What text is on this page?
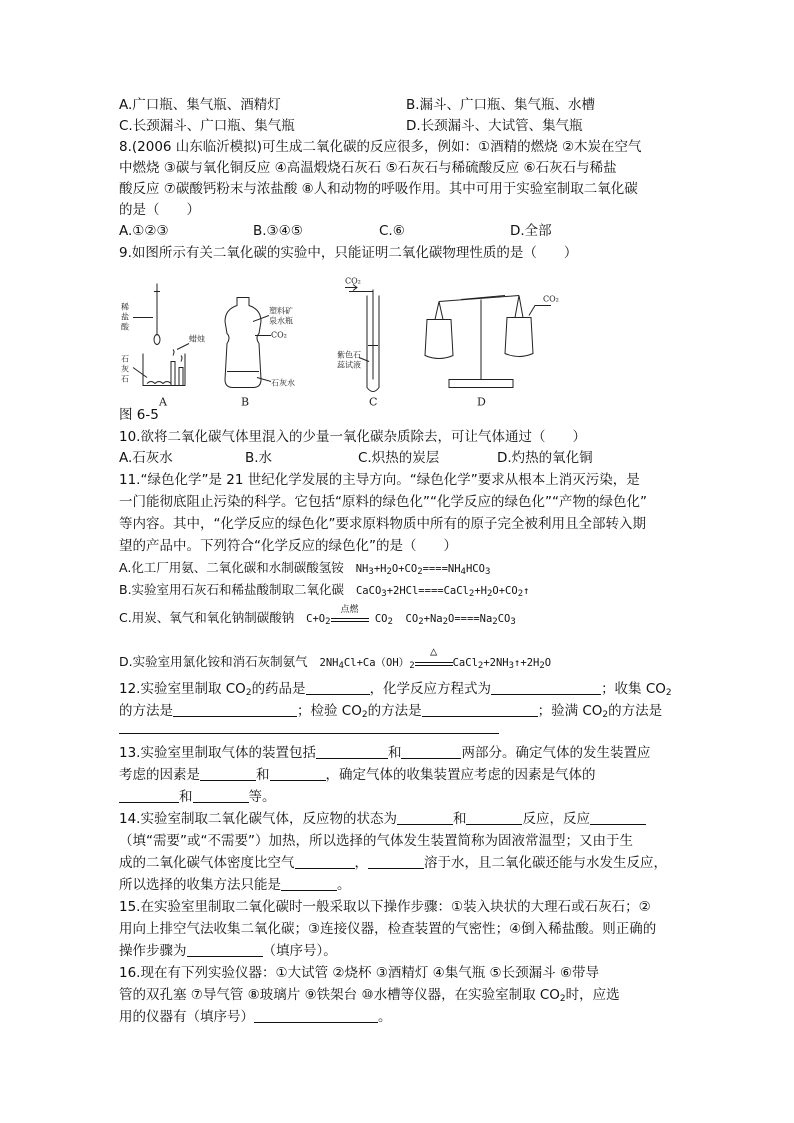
A.广口瓶、集气瓶、酒精灯	B.漏斗、广口瓶、集气瓶、水槽
C.长颈漏斗、广口瓶、集气瓶	D.长颈漏斗、大试管、集气瓶
8.(2006 山东临沂模拟)可生成二氧化碳的反应很多，例如：①酒精的燃烧 ②木炭在空气
中燃烧 ③碳与氧化铜反应 ④高温煅烧石灰石 ⑤石灰石与稀硫酸反应 ⑥石灰石与稀盐
酸反应 ⑦碳酸钙粉末与浓盐酸 ⑧人和动物的呼吸作用。其中可用于实验室制取二氧化碳
的是（　　）
A.①②③	B.③④⑤	C.⑥	D.全部
9.如图所示有关二氧化碳的实验中，只能证明二氧化碳物理性质的是（　　）
稀
盐
酸
蜡烛
石
灰
石
塑料矿
泉水瓶
CO₂
石灰水
CO₂
紫色石
蕊试液
CO₂
A	B	C	D
图 6-5
10.欲将二氧化碳气体里混入的少量一氧化碳杂质除去，可让气体通过（　　）
A.石灰水	B.水	C.炽热的炭层	D.灼热的氧化铜
11.“绿色化学”是 21 世纪化学发展的主导方向。“绿色化学”要求从根本上消灭污染，是
一门能彻底阻止污染的科学。它包括“原料的绿色化”“化学反应的绿色化”“产物的绿色化”
等内容。其中，“化学反应的绿色化”要求原料物质中所有的原子完全被利用且全部转入期
望的产品中。下列符合“化学反应的绿色化”的是（　　）
A.化工厂用氨、二氧化碳和水制碳酸氢铵 NH3+H2O+CO2====NH4HCO3
B.实验室用石灰石和稀盐酸制取二氧化碳 CaCO3+2HCl====CaCl2+H2O+CO2↑
C.用炭、氧气和氧化钠制碳酸钠 C+O2
点燃
CO2  CO2+Na2O====Na2CO3
D.实验室用氯化铵和消石灰制氨气 2NH4Cl+Ca（OH）2
△
CaCl2+2NH3↑+2H2O
12.实验室里制取 $CO_2$的药品是	，化学反应方程式为	；收集 $CO_2$
的方法是	；检验 $CO_2$的方法是	；验满 $CO_2$的方法是
13.实验室里制取气体的装置包括	和	两部分。确定气体的发生装置应
考虑的因素是	和	，确定气体的收集装置应考虑的因素是气体的
和	等。
14.实验室制取二氧化碳气体，反应物的状态为	和	反应，反应
（填“需要”或“不需要”）加热，所以选择的气体发生装置简称为固液常温型；又由于生
成的二氧化碳气体密度比空气	，	溶于水，且二氧化碳还能与水发生反应，
所以选择的收集方法只能是	。
15.在实验室里制取二氧化碳时一般采取以下操作步骤：①装入块状的大理石或石灰石；②
用向上排空气法收集二氧化碳；③连接仪器，检查装置的气密性；④倒入稀盐酸。则正确的
操作步骤为	（填序号）。
16.现在有下列实验仪器：①大试管 ②烧杯 ③酒精灯 ④集气瓶 ⑤长颈漏斗 ⑥带导
管的双孔塞 ⑦导气管 ⑧玻璃片 ⑨铁架台 ⑩水槽等仪器，在实验室制取 $CO_2$时，应选
用的仪器有（填序号）	。
